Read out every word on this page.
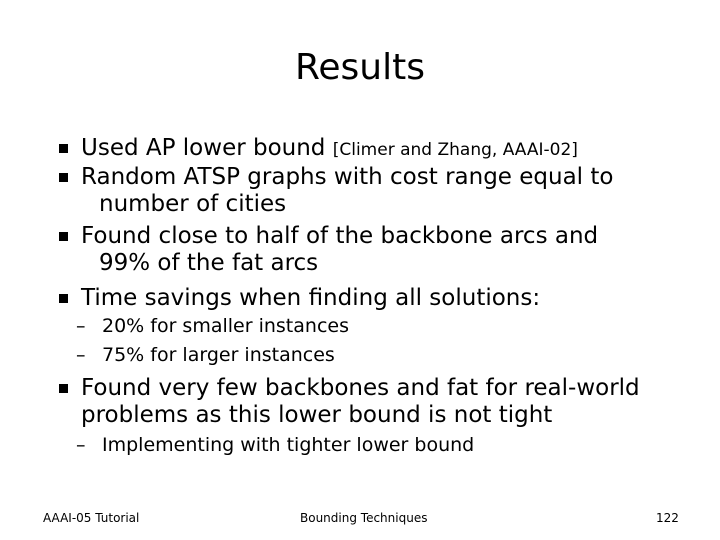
Results
Used AP lower bound [Climer and Zhang, AAAI-02]
Random ATSP graphs with cost range equal to
number of cities
Found close to half of the backbone arcs and
99% of the fat arcs
Time savings when finding all solutions:
– 20% for smaller instances
– 75% for larger instances
Found very few backbones and fat for real-world
problems as this lower bound is not tight
– Implementing with tighter lower bound
AAAI-05 Tutorial	Bounding Techniques	122
